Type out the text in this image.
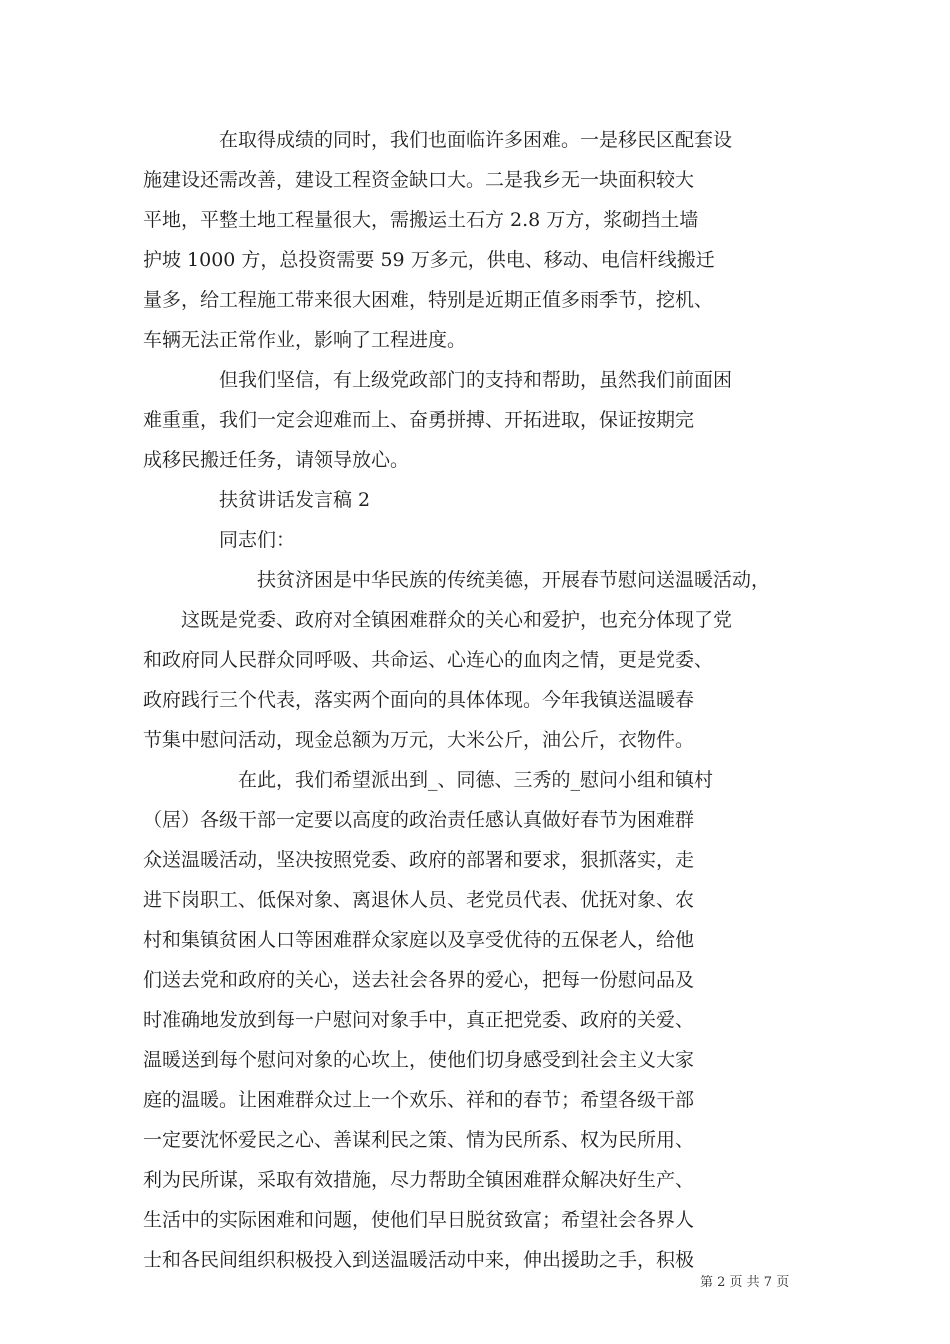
在取得成绩的同时，我们也面临许多困难。一是移民区配套设
施建设还需改善，建设工程资金缺口大。二是我乡无一块面积较大
平地，平整土地工程量很大，需搬运土石方 2.8 万方，浆砌挡土墙
护坡 1000 方，总投资需要 59 万多元，供电、移动、电信杆线搬迁
量多，给工程施工带来很大困难，特别是近期正值多雨季节，挖机、
车辆无法正常作业，影响了工程进度。
但我们坚信，有上级党政部门的支持和帮助，虽然我们前面困
难重重，我们一定会迎难而上、奋勇拼搏、开拓进取，保证按期完
成移民搬迁任务，请领导放心。
扶贫讲话发言稿 2
同志们：
扶贫济困是中华民族的传统美德，开展春节慰问送温暖活动，
这既是党委、政府对全镇困难群众的关心和爱护，也充分体现了党
和政府同人民群众同呼吸、共命运、心连心的血肉之情，更是党委、
政府践行三个代表，落实两个面向的具体体现。今年我镇送温暖春
节集中慰问活动，现金总额为万元，大米公斤，油公斤，衣物件。
在此，我们希望派出到_、同德、三秀的_慰问小组和镇村
（居）各级干部一定要以高度的政治责任感认真做好春节为困难群
众送温暖活动，坚决按照党委、政府的部署和要求，狠抓落实，走
进下岗职工、低保对象、离退休人员、老党员代表、优抚对象、农
村和集镇贫困人口等困难群众家庭以及享受优待的五保老人，给他
们送去党和政府的关心，送去社会各界的爱心，把每一份慰问品及
时准确地发放到每一户慰问对象手中，真正把党委、政府的关爱、
温暖送到每个慰问对象的心坎上，使他们切身感受到社会主义大家
庭的温暖。让困难群众过上一个欢乐、祥和的春节；希望各级干部
一定要沈怀爱民之心、善谋利民之策、情为民所系、权为民所用、
利为民所谋，采取有效措施，尽力帮助全镇困难群众解决好生产、
生活中的实际困难和问题，使他们早日脱贫致富；希望社会各界人
士和各民间组织积极投入到送温暖活动中来，伸出援助之手，积极
第 2 页 共 7 页
